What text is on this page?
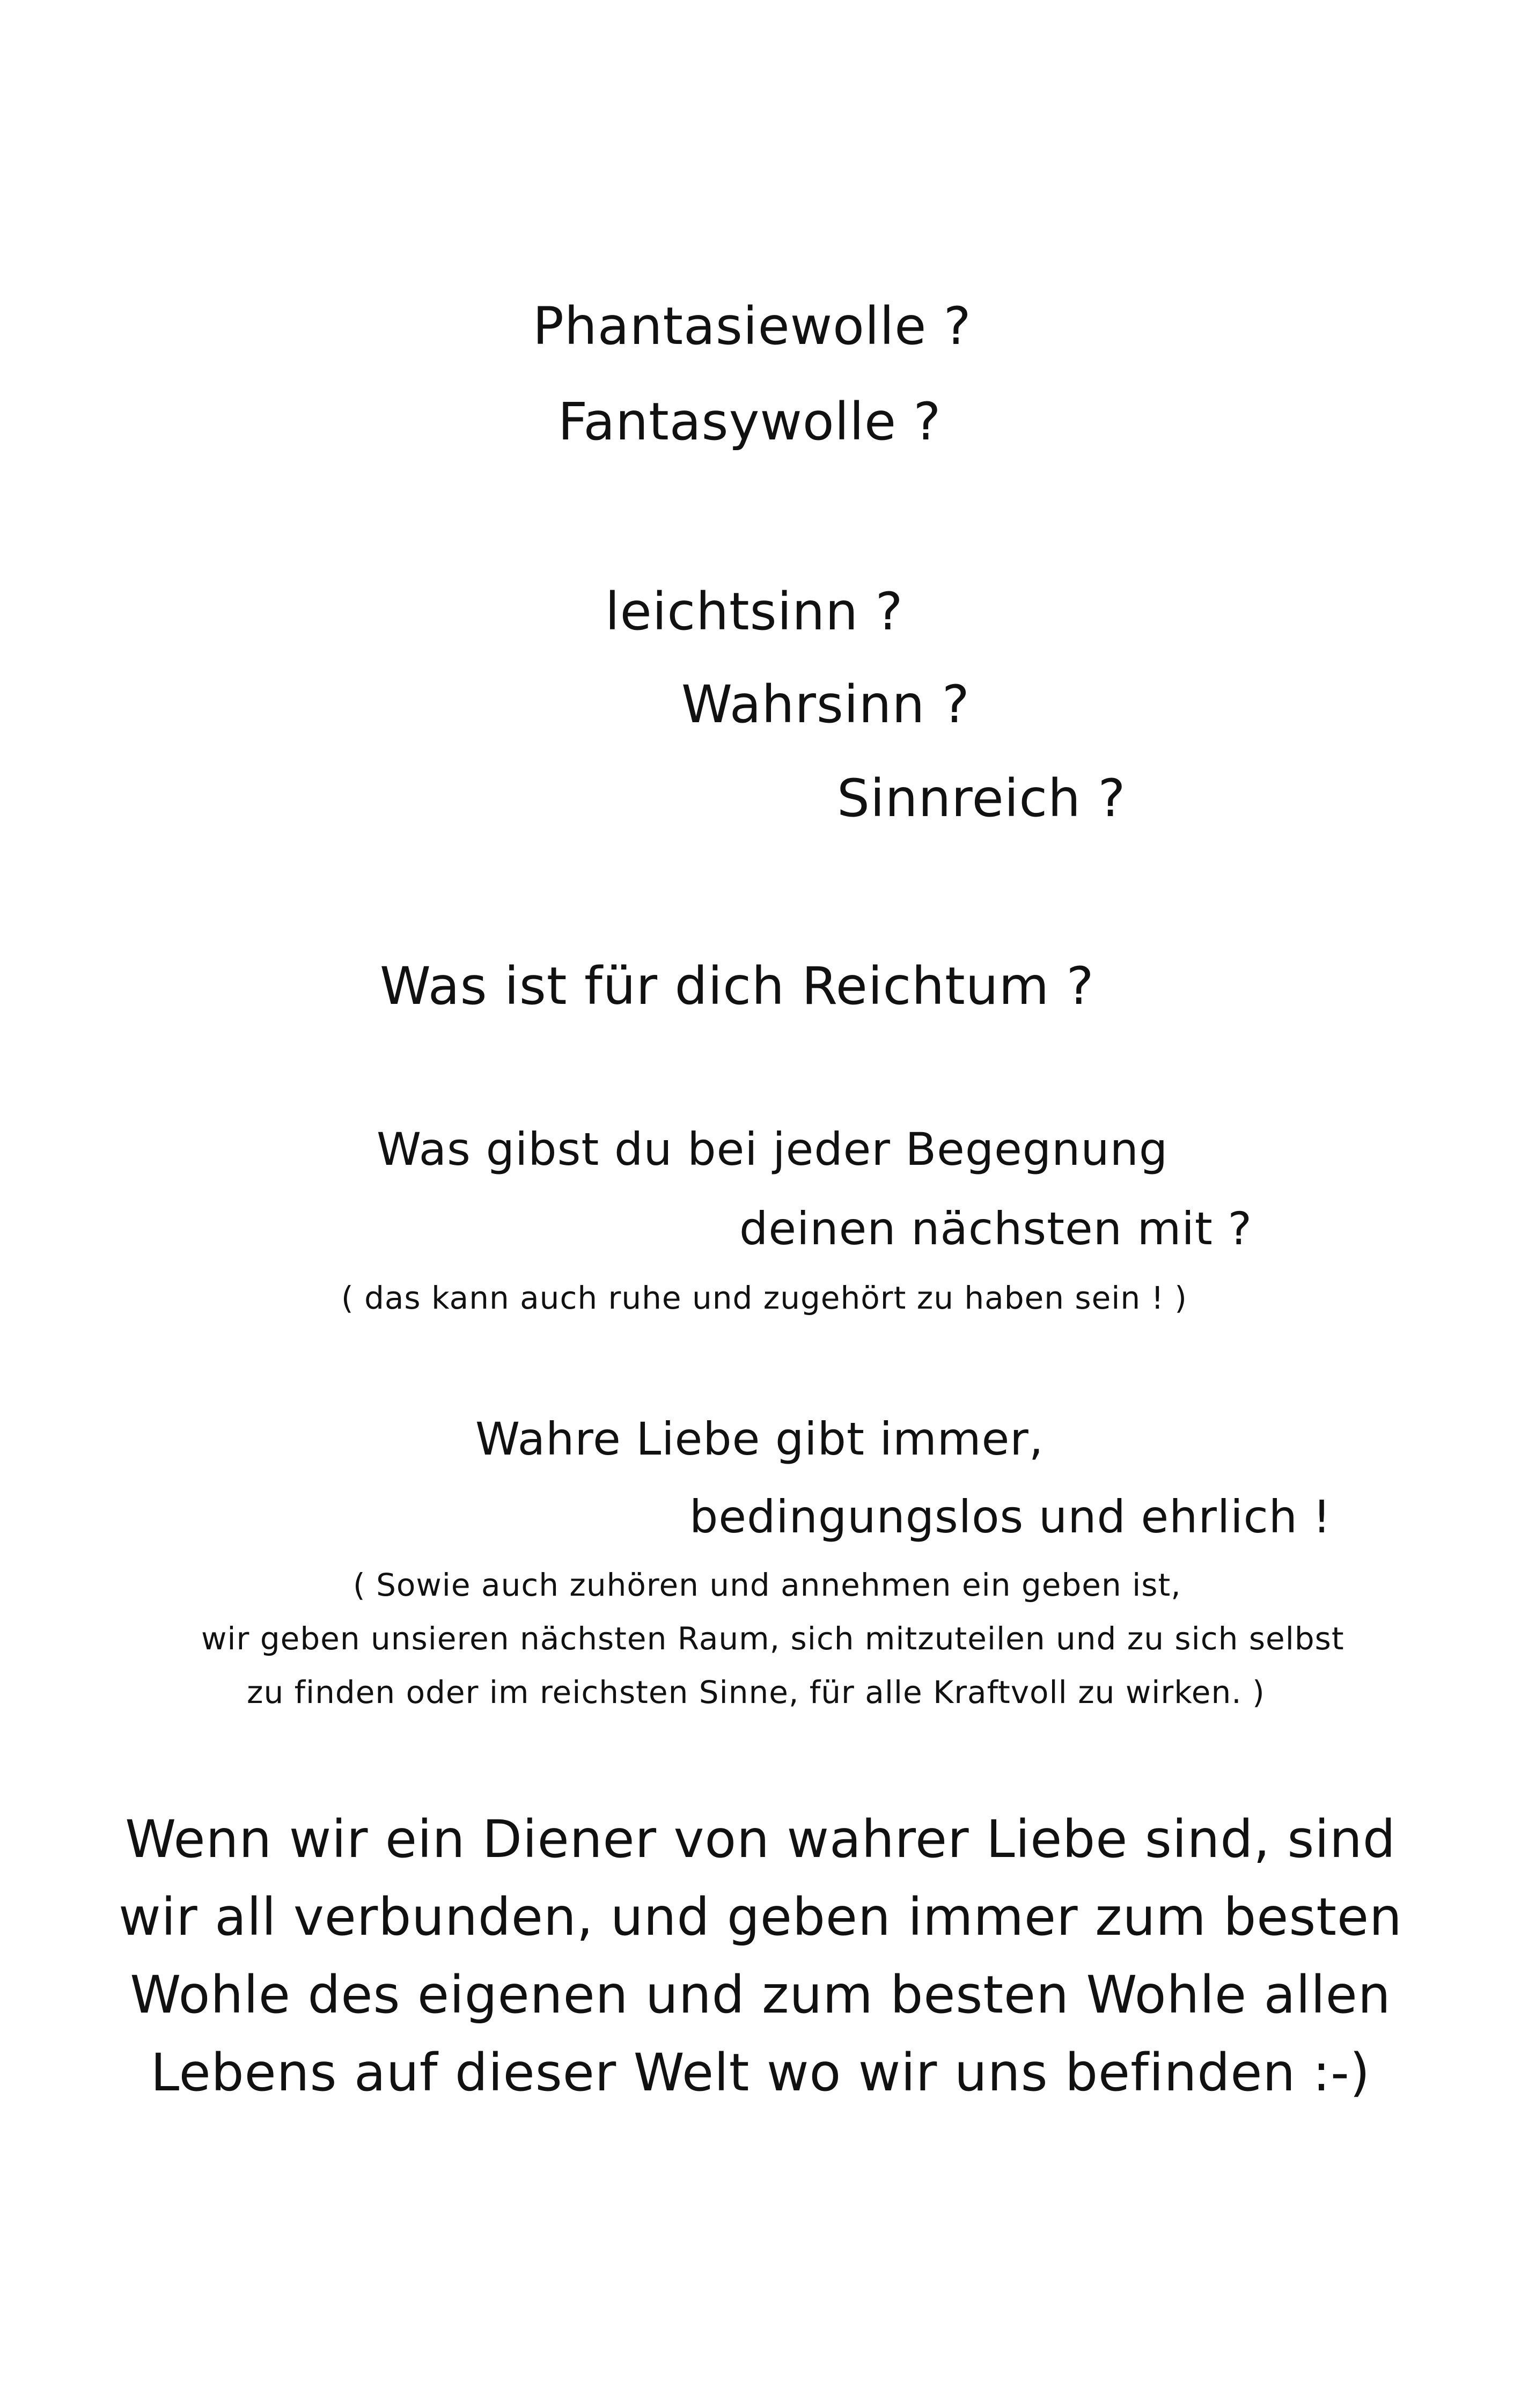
Phantasiewolle ?
Fantasywolle ?
leichtsinn ?
Wahrsinn ?
Sinnreich ?
Was ist für dich Reichtum ?
Was gibst du bei jeder Begegnung
deinen nächsten mit ?
( das kann auch ruhe und zugehört zu haben sein ! )
Wahre Liebe gibt immer,
bedingungslos und ehrlich !
( Sowie auch zuhören und annehmen ein geben ist,
wir geben unsieren nächsten Raum, sich mitzuteilen und zu sich selbst
zu finden oder im reichsten Sinne, für alle Kraftvoll zu wirken. )
Wenn wir ein Diener von wahrer Liebe sind, sind
wir all verbunden, und geben immer zum besten
Wohle des eigenen und zum besten Wohle allen
Lebens auf dieser Welt wo wir uns befinden :-)
